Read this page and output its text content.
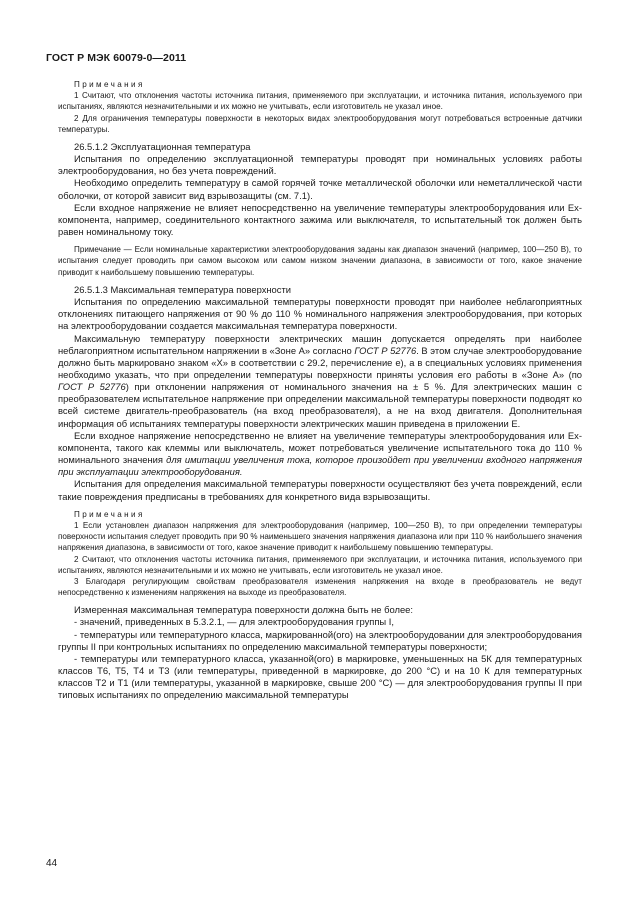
ГОСТ Р МЭК 60079-0—2011

Примечания

1 Считают, что отклонения частоты источника питания, применяемого при эксплуатации, и источника питания, используемого при испытаниях, являются незначительными и их можно не учитывать, если изготовитель не указал иное.

2 Для ограничения температуры поверхности в некоторых видах электрооборудования могут потребоваться встроенные датчики температуры.

26.5.1.2 Эксплуатационная температура

Испытания по определению эксплуатационной температуры проводят при номинальных условиях работы электрооборудования, но без учета повреждений.

Необходимо определить температуру в самой горячей точке металлической оболочки или неметаллической части оболочки, от которой зависит вид взрывозащиты (см. 7.1).

Если входное напряжение не влияет непосредственно на увеличение температуры электрооборудования или Ex-компонента, например, соединительного контактного зажима или выключателя, то испытательный ток должен быть равен номинальному току.

Примечание — Если номинальные характеристики электрооборудования заданы как диапазон значений (например, 100—250 В), то испытания следует проводить при самом высоком или самом низком значении диапазона, в зависимости от того, какое значение приводит к наибольшему повышению температуры.

26.5.1.3 Максимальная температура поверхности

Испытания по определению максимальной температуры поверхности проводят при наиболее неблагоприятных отклонениях питающего напряжения от 90 % до 110 % номинального напряжения электрооборудования, при которых на электрооборудовании создается максимальная температура поверхности.

Максимальную температуру поверхности электрических машин допускается определять при наиболее неблагоприятном испытательном напряжении в «Зоне А» согласно ГОСТ Р 52776. В этом случае электрооборудование должно быть маркировано знаком «X» в соответствии с 29.2, перечисление е), а в специальных условиях применения необходимо указать, что при определении температуры поверхности приняты условия его работы в «Зоне А» (по ГОСТ Р 52776) при отклонении напряжения от номинального значения на ± 5 %. Для электрических машин с преобразователем испытательное напряжение при определении максимальной температуры поверхности подводят ко всей системе двигатель-преобразователь (на вход преобразователя), а не на вход двигателя. Дополнительная информация об испытаниях температуры поверхности электрических машин приведена в приложении Е.

Если входное напряжение непосредственно не влияет на увеличение температуры электрооборудования или Ex-компонента, такого как клеммы или выключатель, может потребоваться увеличение испытательного тока до 110 % номинального значения для имитации увеличения тока, которое произойдет при увеличении входного напряжения при эксплуатации электрооборудования.

Испытания для определения максимальной температуры поверхности осуществляют без учета повреждений, если такие повреждения предписаны в требованиях для конкретного вида взрывозащиты.

Примечания

1 Если установлен диапазон напряжения для электрооборудования (например, 100—250 В), то при определении температуры поверхности испытания следует проводить при 90 % наименьшего значения напряжения диапазона или при 110 % наибольшего значения напряжения диапазона, в зависимости от того, какое значение приводит к наибольшему повышению температуры.

2 Считают, что отклонения частоты источника питания, применяемого при эксплуатации, и источника питания, используемого при испытаниях, являются незначительными и их можно не учитывать, если изготовитель не указал иное.

3 Благодаря регулирующим свойствам преобразователя изменения напряжения на входе в преобразователь не ведут непосредственно к изменениям напряжения на выходе из преобразователя.

Измеренная максимальная температура поверхности должна быть не более:

- значений, приведенных в 5.3.2.1, — для электрооборудования группы I,

- температуры или температурного класса, маркированной(ого) на электрооборудовании для электрооборудования группы II при контрольных испытаниях по определению максимальной температуры поверхности;

- температуры или температурного класса, указанной(ого) в маркировке, уменьшенных на 5К для температурных классов Т6, Т5, Т4 и Т3 (или температуры, приведенной в маркировке, до 200 °С) и на 10 К для температурных классов Т2 и Т1 (или температуры, указанной в маркировке, свыше 200 °С) — для электрооборудования группы II при типовых испытаниях по определению максимальной температуры

44
